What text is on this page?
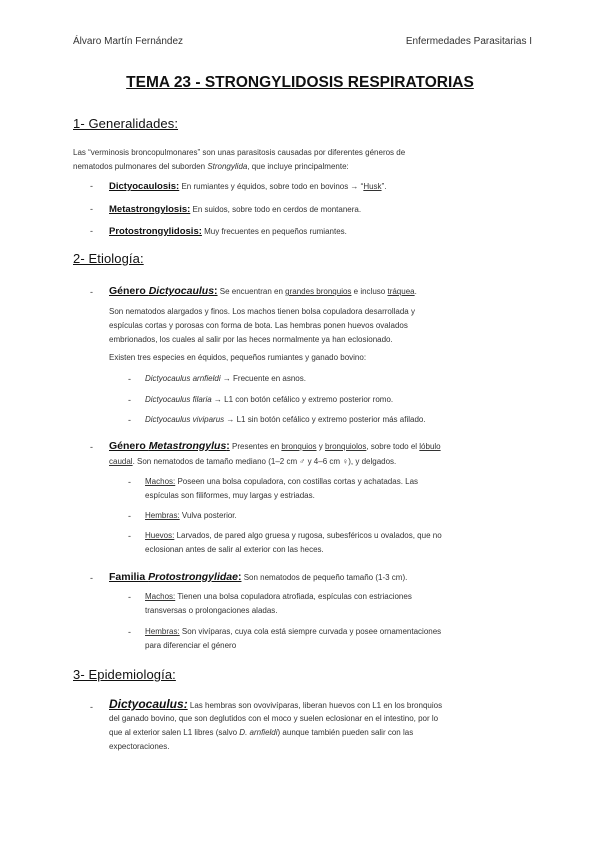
Álvaro Martín Fernández	Enfermedades Parasitarias I
TEMA 23 - STRONGYLIDOSIS RESPIRATORIAS
1- Generalidades:
Las “verminosis broncopulmonares” son unas parasitosis causadas por diferentes géneros de
nematodos pulmonares del suborden Strongylida, que incluye principalmente:
- Dictyocaulosis: En rumiantes y équidos, sobre todo en bovinos → “Husk”.
- Metastrongylosis: En suidos, sobre todo en cerdos de montanera.
- Protostrongylidosis: Muy frecuentes en pequeños rumiantes.
2- Etiología:
- Género Dictyocaulus: Se encuentran en grandes bronquios e incluso tráquea.
Son nematodos alargados y finos. Los machos tienen bolsa copuladora desarrollada y
espículas cortas y porosas con forma de bota. Las hembras ponen huevos ovalados
embrionados, los cuales al salir por las heces normalmente ya han eclosionado.
Existen tres especies en équidos, pequeños rumiantes y ganado bovino:
- Dictyocaulus arnfieldi → Frecuente en asnos.
- Dictyocaulus filaria → L1 con botón cefálico y extremo posterior romo.
- Dictyocaulus viviparus → L1 sin botón cefálico y extremo posterior más afilado.
- Género Metastrongylus: Presentes en bronquios y bronquiolos, sobre todo el lóbulo
caudal. Son nematodos de tamaño mediano (1–2 cm ♂ y 4–6 cm ♀), y delgados.
- Machos: Poseen una bolsa copuladora, con costillas cortas y achatadas. Las
espículas son filiformes, muy largas y estriadas.
- Hembras: Vulva posterior.
- Huevos: Larvados, de pared algo gruesa y rugosa, subesféricos u ovalados, que no
eclosionan antes de salir al exterior con las heces.
- Familia Protostrongylidae: Son nematodos de pequeño tamaño (1-3 cm).
- Machos: Tienen una bolsa copuladora atrofiada, espículas con estriaciones
transversas o prolongaciones aladas.
- Hembras: Son vivíparas, cuya cola está siempre curvada y posee ornamentaciones
para diferenciar el género
3- Epidemiología:
- Dictyocaulus: Las hembras son ovovivíparas, liberan huevos con L1 en los bronquios
del ganado bovino, que son deglutidos con el moco y suelen eclosionar en el intestino, por lo
que al exterior salen L1 libres (salvo D. arnfieldi) aunque también pueden salir con las
expectoraciones.
